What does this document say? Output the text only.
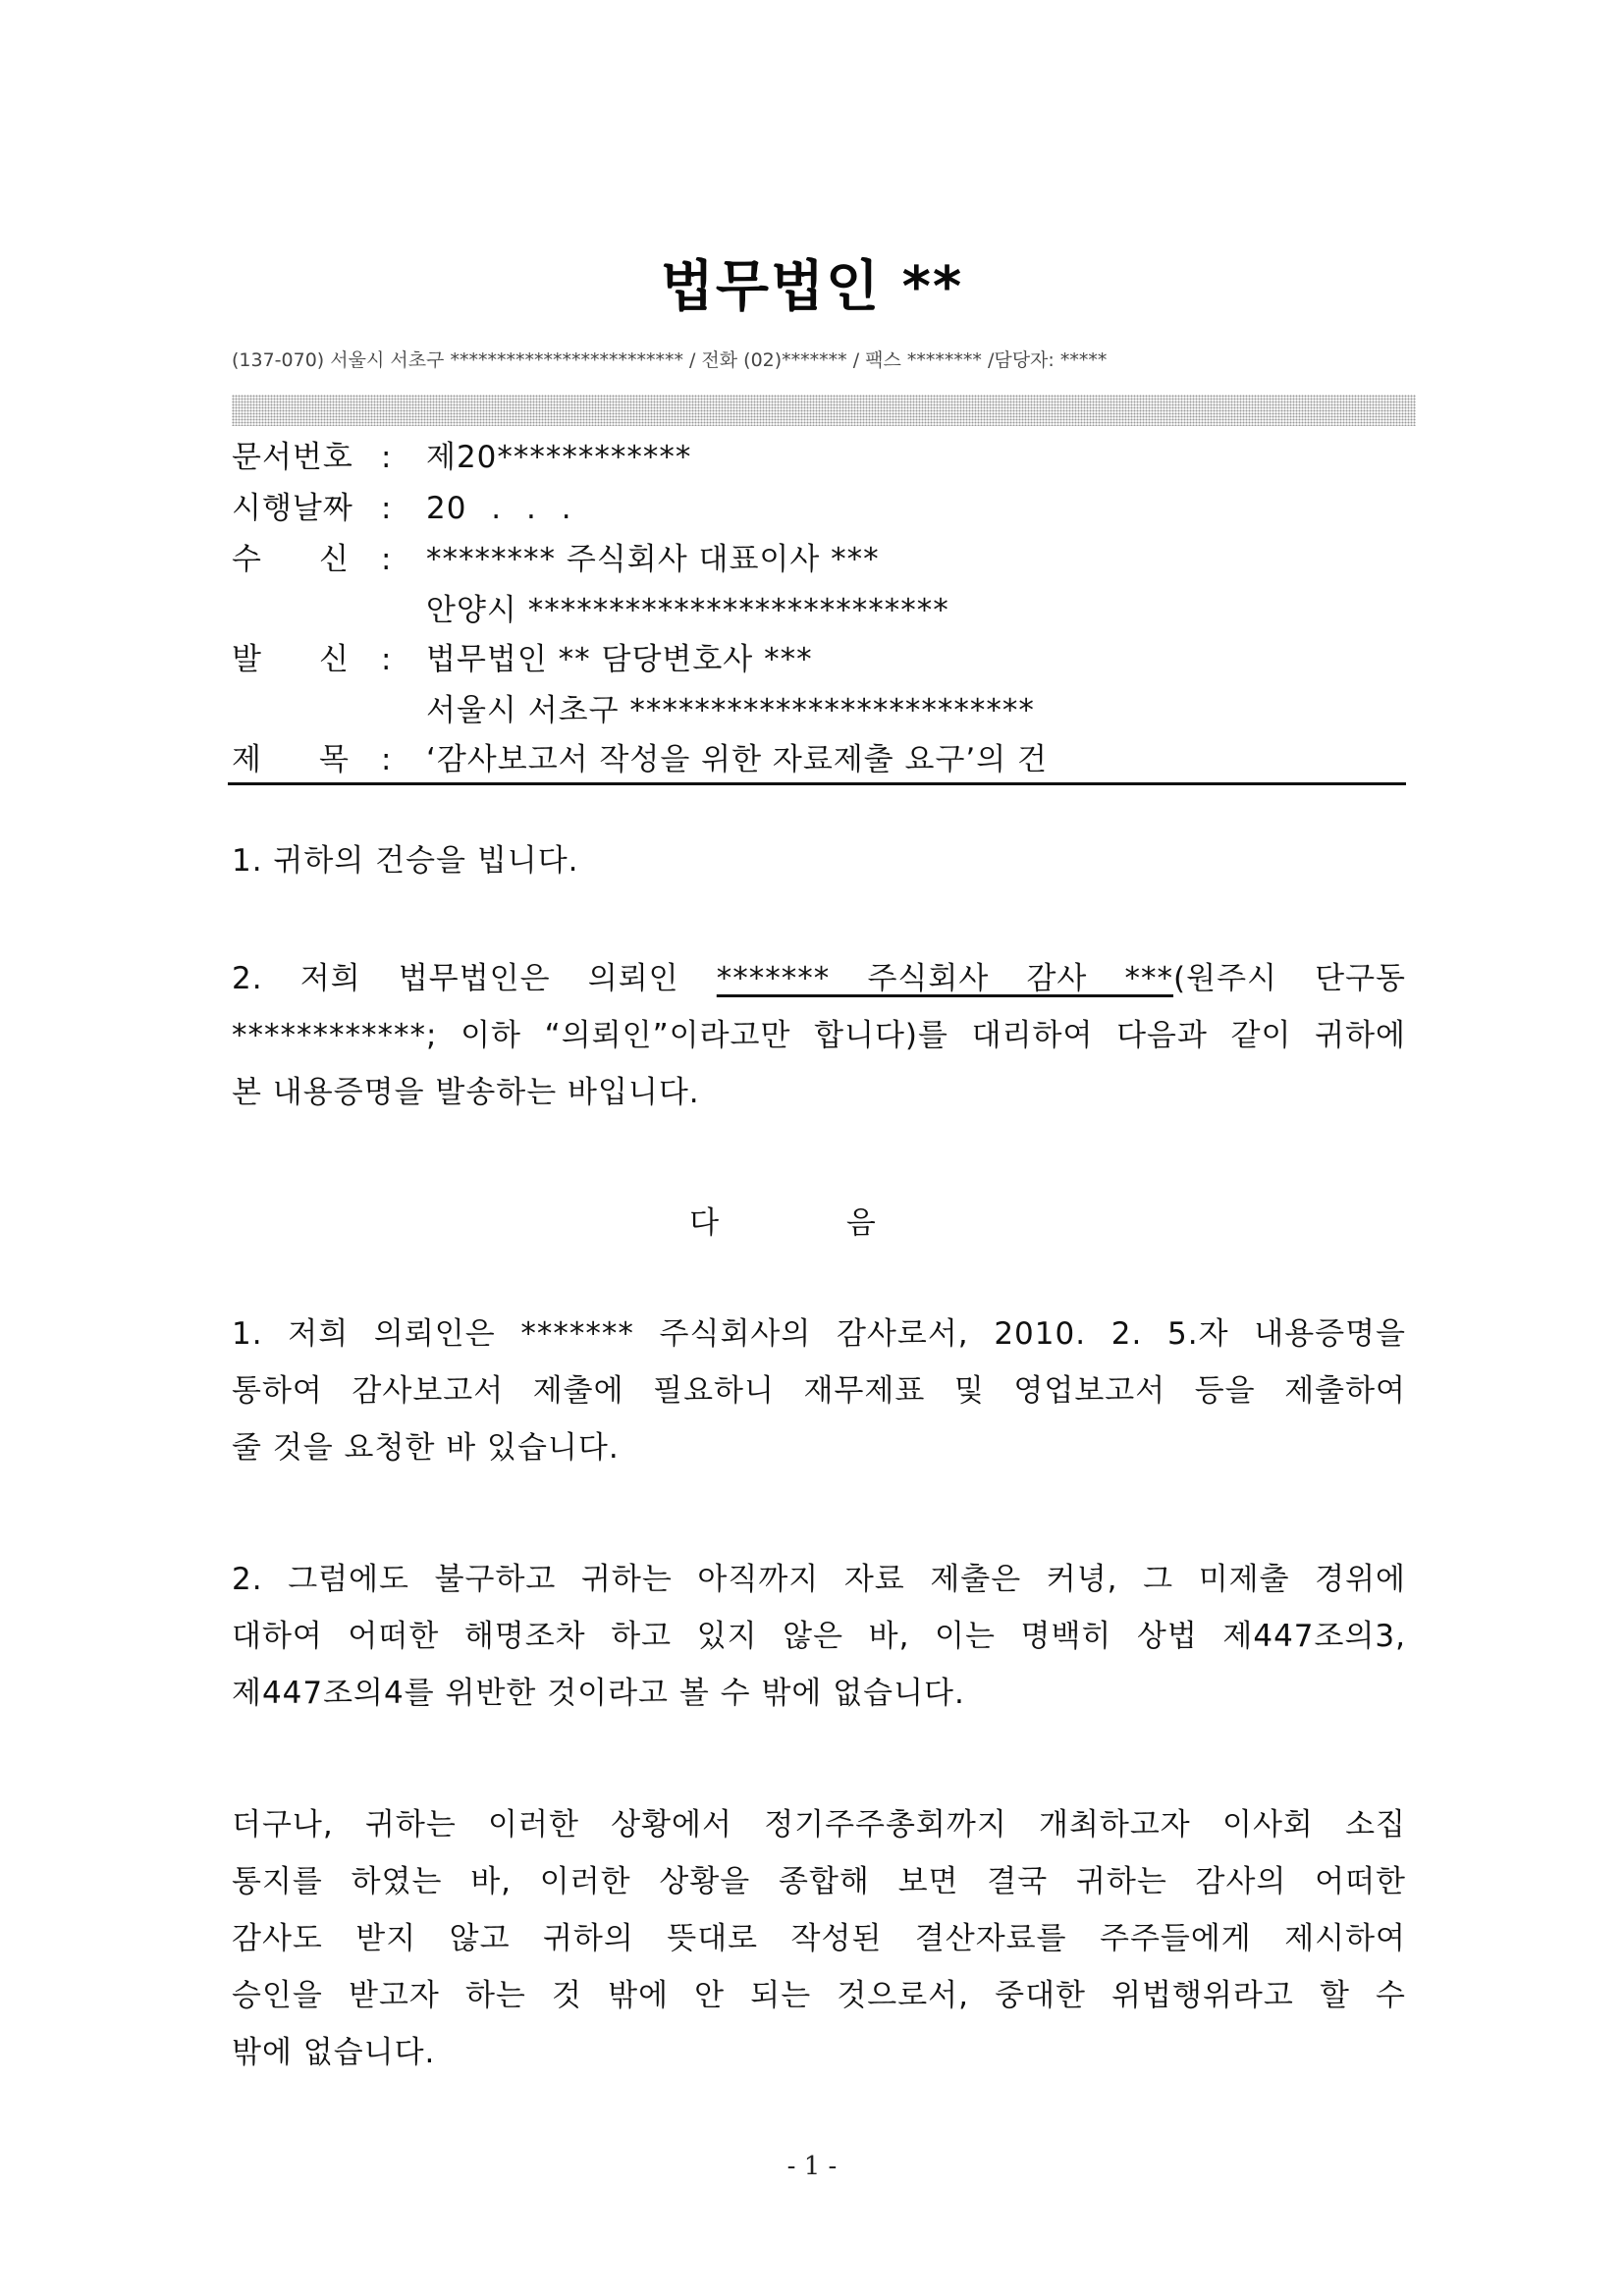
법무법인 **
(137-070) 서울시 서초구 ************************* / 전화 (02)******* / 팩스 ******** /담당자: *****
문서번호 : 제20************
시행날짜 : 20 . . .
수 신 : ******** 주식회사 대표이사 ***
안양시 **************************
발 신 : 법무법인 ** 담당변호사 ***
서울시 서초구 *************************
제 목 : ‘감사보고서 작성을 위한 자료제출 요구’의 건
1. 귀하의 건승을 빕니다.
2. 저희 법무법인은 의뢰인 ******* 주식회사 감사 ***(원주시 단구동
************; 이하 “의뢰인”이라고만 합니다)를 대리하여 다음과 같이 귀하에
본 내용증명을 발송하는 바입니다.
다 음
1. 저희 의뢰인은 ******* 주식회사의 감사로서, 2010. 2. 5.자 내용증명을
통하여 감사보고서 제출에 필요하니 재무제표 및 영업보고서 등을 제출하여
줄 것을 요청한 바 있습니다.
2. 그럼에도 불구하고 귀하는 아직까지 자료 제출은 커녕, 그 미제출 경위에
대하여 어떠한 해명조차 하고 있지 않은 바, 이는 명백히 상법 제447조의3,
제447조의4를 위반한 것이라고 볼 수 밖에 없습니다.
더구나, 귀하는 이러한 상황에서 정기주주총회까지 개최하고자 이사회 소집
통지를 하였는 바, 이러한 상황을 종합해 보면 결국 귀하는 감사의 어떠한
감사도 받지 않고 귀하의 뜻대로 작성된 결산자료를 주주들에게 제시하여
승인을 받고자 하는 것 밖에 안 되는 것으로서, 중대한 위법행위라고 할 수
밖에 없습니다.
- 1 -
